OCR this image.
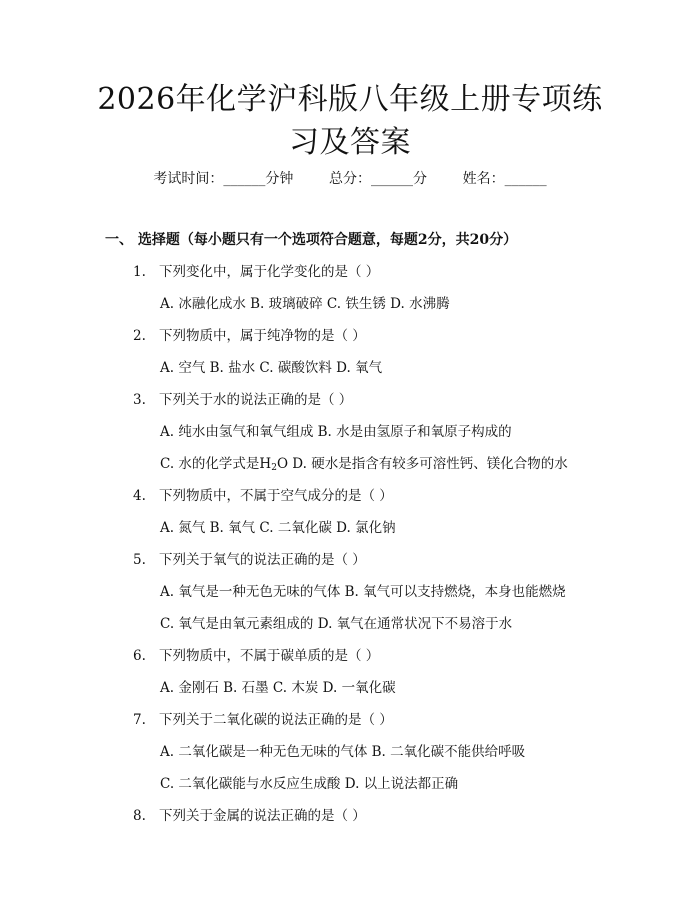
2026年化学沪科版八年级上册专项练习及答案
考试时间：______分钟	总分：______分	姓名：______
一、 选择题（每小题只有一个选项符合题意，每题2分，共20分）
1. 下列变化中，属于化学变化的是（ ）
A. 冰融化成水 B. 玻璃破碎 C. 铁生锈 D. 水沸腾
2. 下列物质中，属于纯净物的是（ ）
A. 空气 B. 盐水 C. 碳酸饮料 D. 氧气
3. 下列关于水的说法正确的是（ ）
A. 纯水由氢气和氧气组成 B. 水是由氢原子和氧原子构成的
C. 水的化学式是$H_2O$ D. 硬水是指含有较多可溶性钙、镁化合物的水
4. 下列物质中，不属于空气成分的是（ ）
A. 氮气 B. 氧气 C. 二氧化碳 D. 氯化钠
5. 下列关于氧气的说法正确的是（ ）
A. 氧气是一种无色无味的气体 B. 氧气可以支持燃烧，本身也能燃烧
C. 氧气是由氧元素组成的 D. 氧气在通常状况下不易溶于水
6. 下列物质中，不属于碳单质的是（ ）
A. 金刚石 B. 石墨 C. 木炭 D. 一氧化碳
7. 下列关于二氧化碳的说法正确的是（ ）
A. 二氧化碳是一种无色无味的气体 B. 二氧化碳不能供给呼吸
C. 二氧化碳能与水反应生成酸 D. 以上说法都正确
8. 下列关于金属的说法正确的是（ ）
